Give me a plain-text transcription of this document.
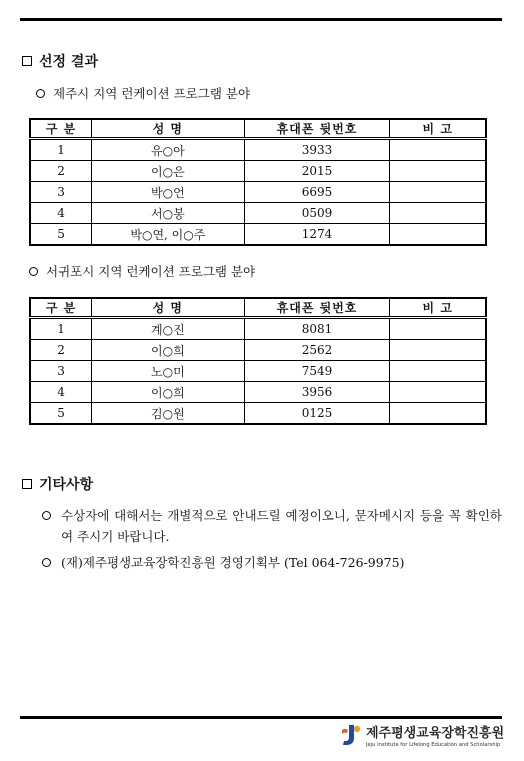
선정 결과
제주시 지역 런케이션 프로그램 분야
구 분	성 명	휴대폰 뒷번호	비 고
1	유○아	3933	
2	이○은	2015	
3	박○언	6695	
4	서○봉	0509	
5	박○연, 이○주	1274	
서귀포시 지역 런케이션 프로그램 분야
구 분	성 명	휴대폰 뒷번호	비 고
1	계○진	8081	
2	이○희	2562	
3	노○미	7549	
4	이○희	3956	
5	김○원	0125	
기타사항
수상자에 대해서는 개별적으로 안내드릴 예정이오니, 문자메시지 등을 꼭 확인하여 주시기 바랍니다.
(재)제주평생교육장학진흥원 경영기획부 (Tel 064-726-9975)
제주평생교육장학진흥원
Jeju Institute for Lifelong Education and Scholarship
